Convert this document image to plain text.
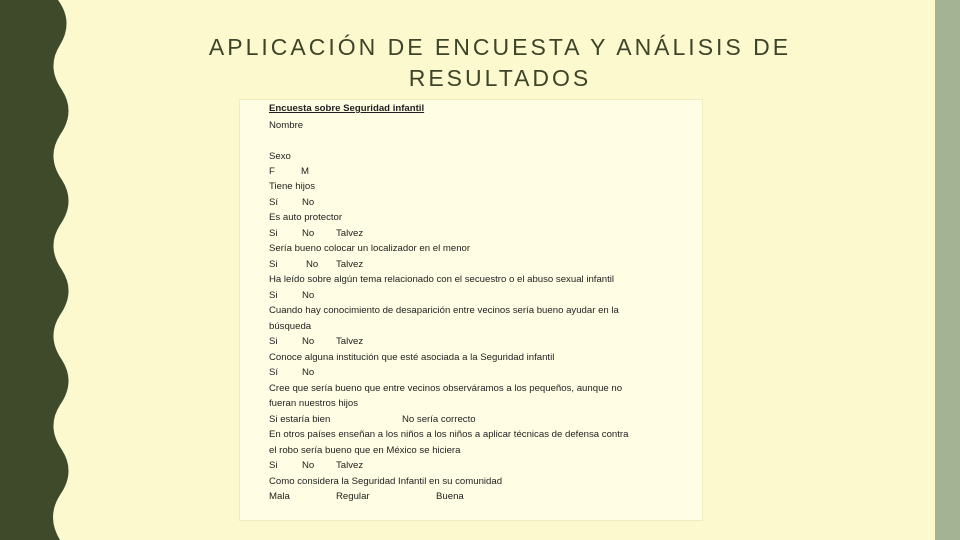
APLICACIÓN DE ENCUESTA Y ANÁLISIS DE
RESULTADOS
Encuesta sobre Seguridad infantil
Nombre
Sexo
F	M
Tiene hijos
Sí No
Es auto protector
Si	No Talvez
Sería bueno colocar un localizador en el menor
Si	No Talvez
Ha leído sobre algún tema relacionado con el secuestro o el abuso sexual infantil
Si	No
Cuando hay conocimiento de desaparición entre vecinos sería bueno ayudar en la
búsqueda
Si	No Talvez
Conoce alguna institución que esté asociada a la Seguridad infantil
Sí No
Cree que sería bueno que entre vecinos observáramos a los pequeños, aunque no
fueran nuestros hijos
Si estaría bien	No sería correcto
En otros países enseñan a los niños a los niños a aplicar técnicas de defensa contra
el robo sería bueno que en México se hiciera
Si	No Talvez
Como considera la Seguridad Infantil en su comunidad
Mala	Regular	Buena
